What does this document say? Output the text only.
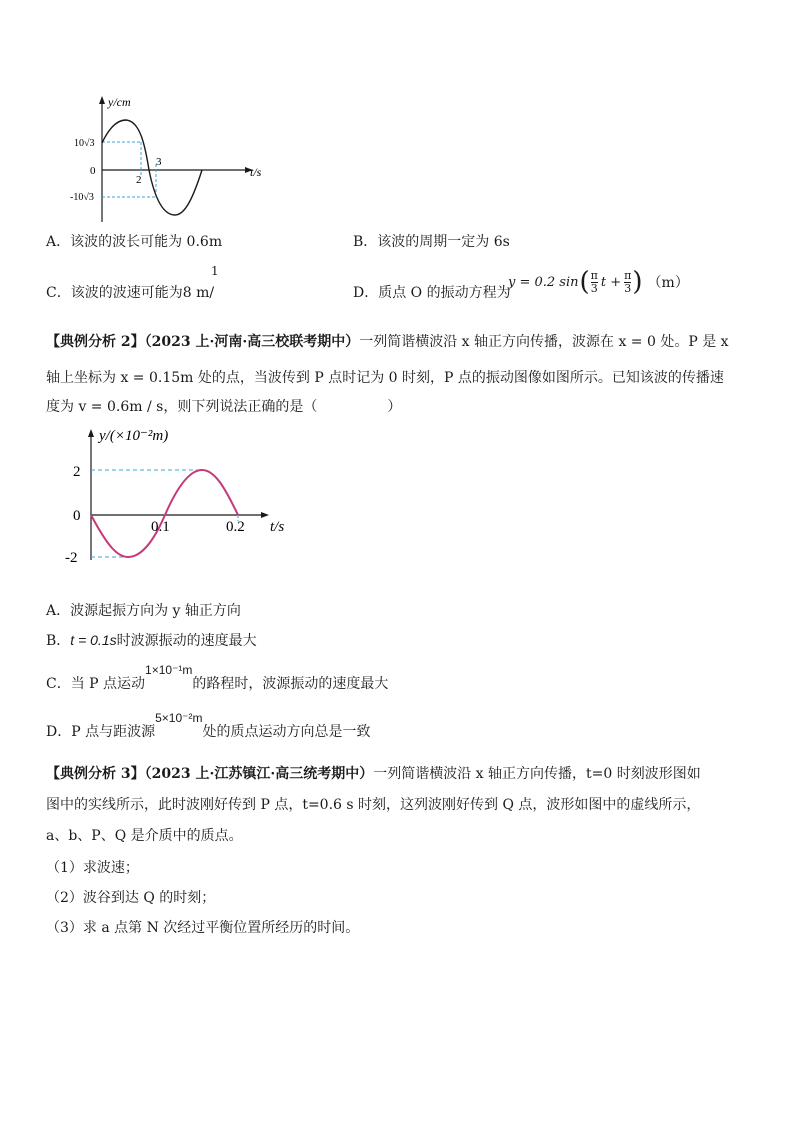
y/cm
t/s
10√3
0
-10√3
2
3
A．该波的波长可能为 0.6m	B．该波的周期一定为 6s
C．该波的波速可能为8 m/
1
D．质点 O 的振动方程为
y = 0.2 sin ( $\frac{\pi}{3}$ $t + \frac{\pi}{3}$ ) （m）
【典例分析 2】（2023 上·河南·高三校联考期中）一列简谐横波沿 x 轴正方向传播，波源在 x = 0 处。P 是 x
轴上坐标为 x = 0.15m 处的点，当波传到 P 点时记为 0 时刻，P 点的振动图像如图所示。已知该波的传播速
度为 v = 0.6m / s，则下列说法正确的是（　　　　　）
y/(×10⁻²m)
t/s
2
0
-2
0.1	0.2
A．波源起振方向为 y 轴正方向
B．t = 0.1s时波源振动的速度最大
C．当 P 点运动1×10⁻¹m的路程时，波源振动的速度最大
D．P 点与距波源5×10⁻²m处的质点运动方向总是一致
【典例分析 3】（2023 上·江苏镇江·高三统考期中）一列简谐横波沿 x 轴正方向传播，t=0 时刻波形图如
图中的实线所示，此时波刚好传到 P 点，t=0.6 s 时刻，这列波刚好传到 Q 点，波形如图中的虚线所示，
a、b、P、Q 是介质中的质点。
（1）求波速；
（2）波谷到达 Q 的时刻；
（3）求 a 点第 N 次经过平衡位置所经历的时间。
